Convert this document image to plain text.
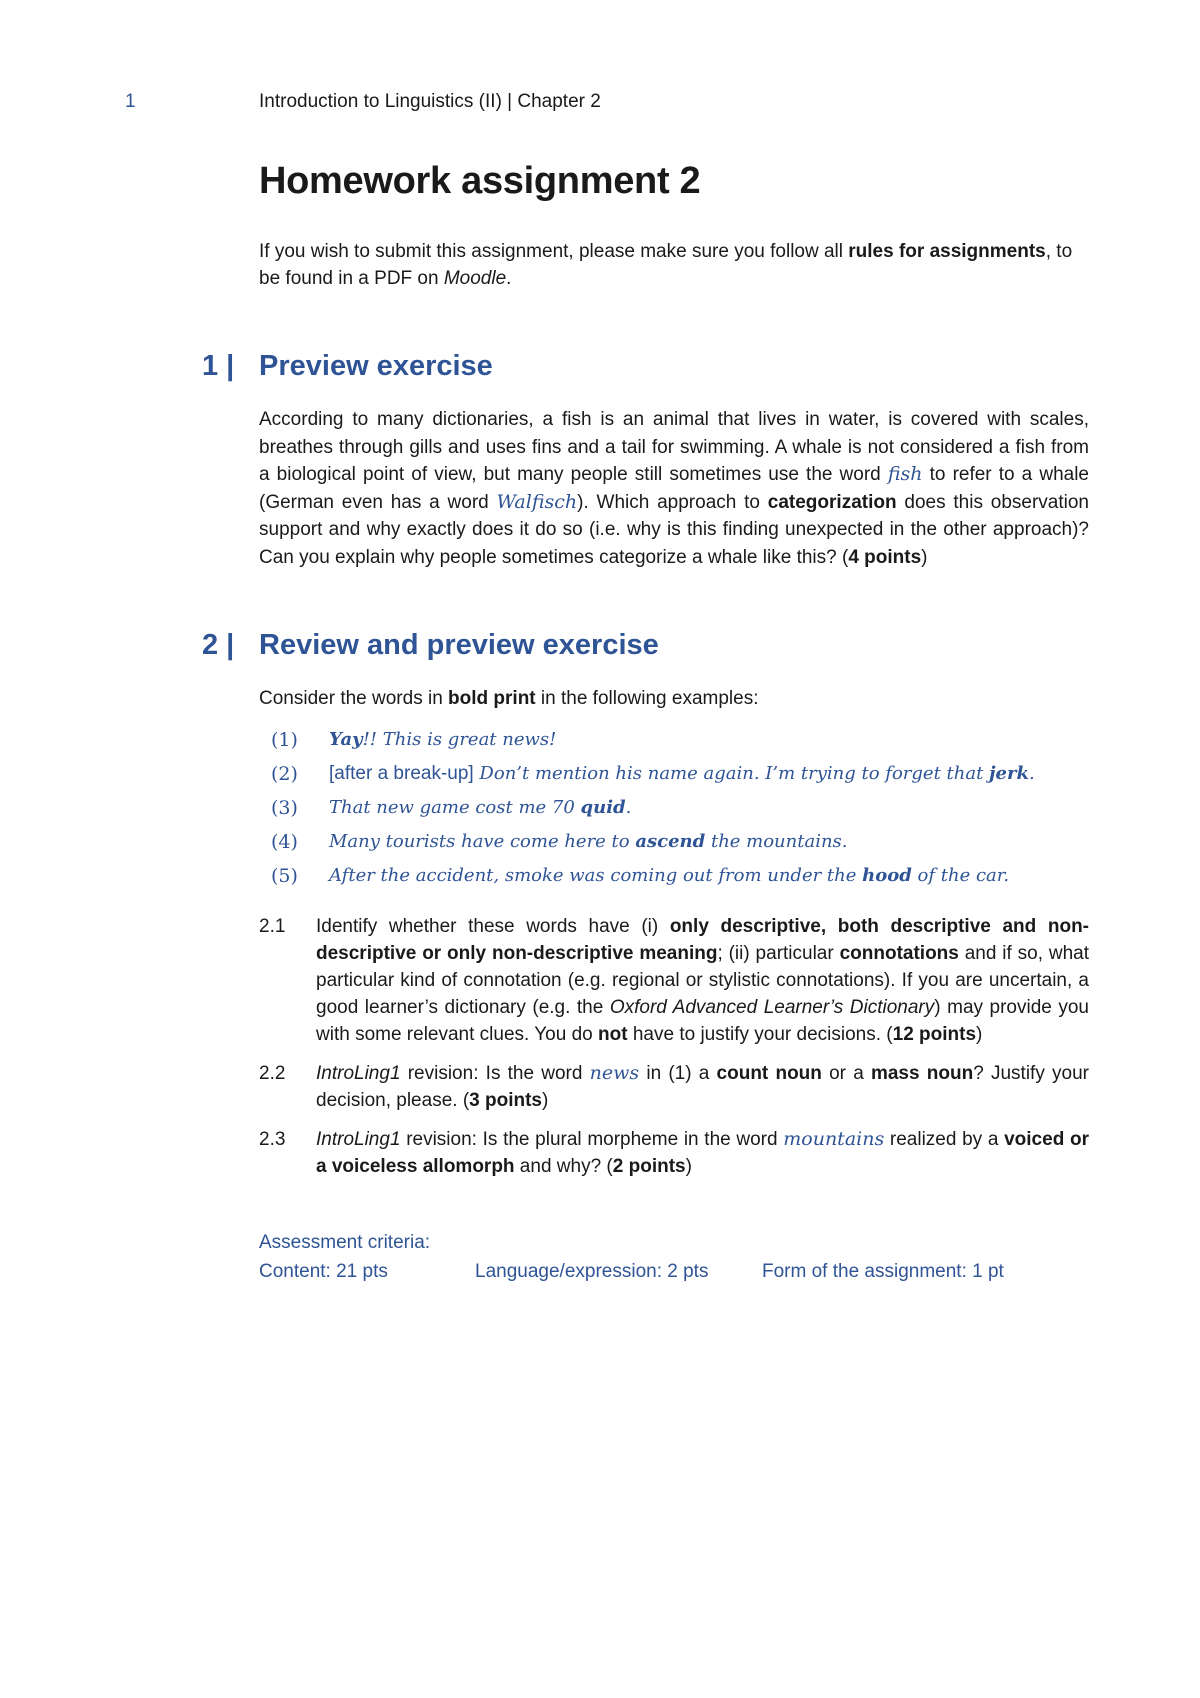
1	Introduction to Linguistics (II) | Chapter 2
Homework assignment 2

If you wish to submit this assignment, please make sure you follow all rules for assignments, to be found in a PDF on Moodle.

1 | Preview exercise

According to many dictionaries, a fish is an animal that lives in water, is covered with scales, breathes through gills and uses fins and a tail for swimming. A whale is not considered a fish from a biological point of view, but many people still sometimes use the word fish to refer to a whale (German even has a word Walfisch). Which approach to categorization does this observation support and why exactly does it do so (i.e. why is this finding unexpected in the other approach)? Can you explain why people sometimes categorize a whale like this? (4 points)

2 | Review and preview exercise

Consider the words in bold print in the following examples:

(1) Yay!! This is great news!
(2) [after a break-up] Don’t mention his name again. I’m trying to forget that jerk.
(3) That new game cost me 70 quid.
(4) Many tourists have come here to ascend the mountains.
(5) After the accident, smoke was coming out from under the hood of the car.

2.1 Identify whether these words have (i) only descriptive, both descriptive and non-descriptive or only non-descriptive meaning; (ii) particular connotations and if so, what particular kind of connotation (e.g. regional or stylistic connotations). If you are uncertain, a good learner’s dictionary (e.g. the Oxford Advanced Learner’s Dictionary) may provide you with some relevant clues. You do not have to justify your decisions. (12 points)

2.2 IntroLing1 revision: Is the word news in (1) a count noun or a mass noun? Justify your decision, please. (3 points)

2.3 IntroLing1 revision: Is the plural morpheme in the word mountains realized by a voiced or a voiceless allomorph and why? (2 points)

Assessment criteria:
Content: 21 pts	Language/expression: 2 pts	Form of the assignment: 1 pt
